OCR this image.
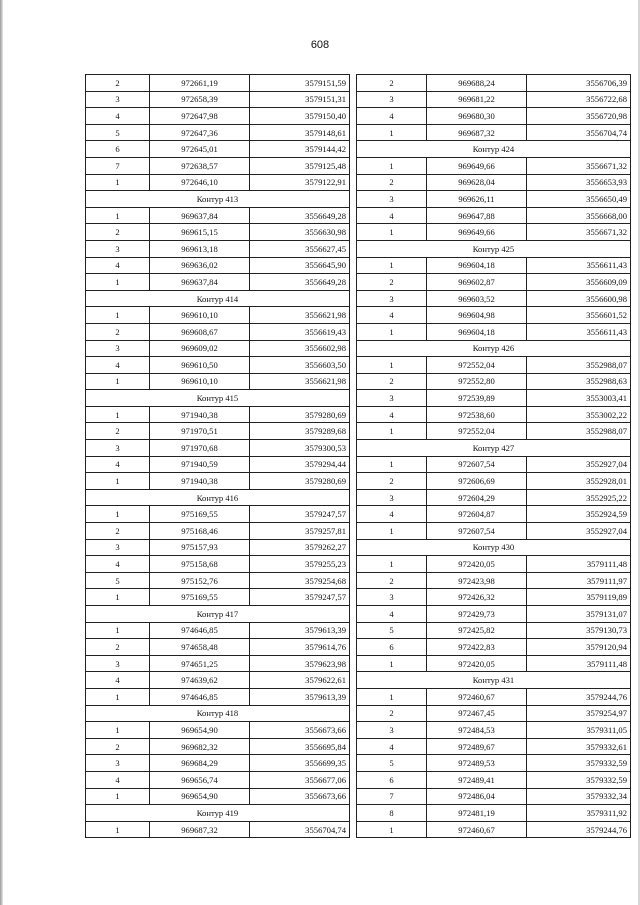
608
2	972661,19	3579151,59
3	972658,39	3579151,31
4	972647,98	3579150,40
5	972647,36	3579148,61
6	972645,01	3579144,42
7	972638,57	3579125,48
1	972646,10	3579122,91
Контур 413		
1	969637,84	3556649,28
2	969615,15	3556630,98
3	969613,18	3556627,45
4	969636,02	3556645,90
1	969637,84	3556649,28
Контур 414		
1	969610,10	3556621,98
2	969608,67	3556619,43
3	969609,02	3556602,98
4	969610,50	3556603,50
1	969610,10	3556621,98
Контур 415		
1	971940,38	3579280,69
2	971970,51	3579289,68
3	971970,68	3579300,53
4	971940,59	3579294,44
1	971940,38	3579280,69
Контур 416		
1	975169,55	3579247,57
2	975168,46	3579257,81
3	975157,93	3579262,27
4	975158,68	3579255,23
5	975152,76	3579254,68
1	975169,55	3579247,57
Контур 417		
1	974646,85	3579613,39
2	974658,48	3579614,76
3	974651,25	3579623,98
4	974639,62	3579622,61
1	974646,85	3579613,39
Контур 418		
1	969654,90	3556673,66
2	969682,32	3556695,84
3	969684,29	3556699,35
4	969656,74	3556677,06
1	969654,90	3556673,66
Контур 419		
1	969687,32	3556704,74
2	969688,24	3556706,39
3	969681,22	3556722,68
4	969680,30	3556720,98
1	969687,32	3556704,74
Контур 424		
1	969649,66	3556671,32
2	969628,04	3556653,93
3	969626,11	3556650,49
4	969647,88	3556668,00
1	969649,66	3556671,32
Контур 425		
1	969604,18	3556611,43
2	969602,87	3556609,09
3	969603,52	3556600,98
4	969604,98	3556601,52
1	969604,18	3556611,43
Контур 426		
1	972552,04	3552988,07
2	972552,80	3552988,63
3	972539,89	3553003,41
4	972538,60	3553002,22
1	972552,04	3552988,07
Контур 427		
1	972607,54	3552927,04
2	972606,69	3552928,01
3	972604,29	3552925,22
4	972604,87	3552924,59
1	972607,54	3552927,04
Контур 430		
1	972420,05	3579111,48
2	972423,98	3579111,97
3	972426,32	3579119,89
4	972429,73	3579131,07
5	972425,82	3579130,73
6	972422,83	3579120,94
1	972420,05	3579111,48
Контур 431		
1	972460,67	3579244,76
2	972467,45	3579254,97
3	972484,53	3579311,05
4	972489,67	3579332,61
5	972489,53	3579332,59
6	972489,41	3579332,59
7	972486,04	3579332,34
8	972481,19	3579311,92
1	972460,67	3579244,76
